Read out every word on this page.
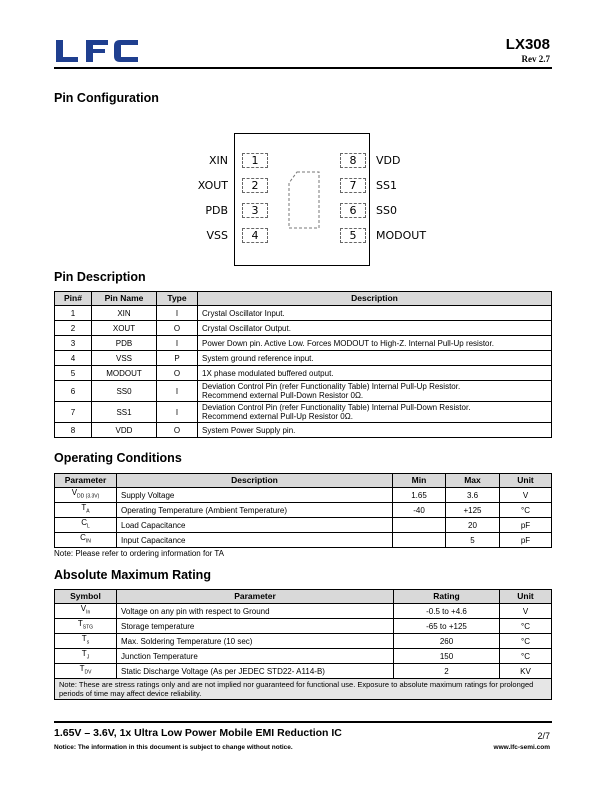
LX308
Rev 2.7
Pin Configuration
1
2
3
4
8
7
6
5
XIN
XOUT
PDB
VSS
VDD
SS1
SS0
MODOUT
Pin Description
Pin#	Pin Name	Type	Description
1	XIN	I	Crystal Oscillator Input.
2	XOUT	O	Crystal Oscillator Output.
3	PDB	I	Power Down pin. Active Low. Forces MODOUT to High-Z. Internal Pull-Up resistor.
4	VSS	P	System ground reference input.
5	MODOUT	O	1X phase modulated buffered output.
6	SS0	I	Deviation Control Pin (refer Functionality Table) Internal Pull-Up Resistor.
Recommend external Pull-Down Resistor 0Ω.

7	SS1	I	Deviation Control Pin (refer Functionality Table) Internal Pull-Down Resistor.
Recommend external Pull-Up Resistor 0Ω.

8	VDD	O	System Power Supply pin.
Operating Conditions
Parameter	Description	Min	Max	Unit
$V_{DD (3.3V)}$	Supply Voltage	1.65	3.6	V
$T_A$	Operating Temperature (Ambient Temperature)	-40	+125	°C
$C_L$	Load Capacitance		20	pF
$C_{IN}$	Input Capacitance		5	pF
Note: Please refer to ordering information for TA
Absolute Maximum Rating
Symbol	Parameter	Rating	Unit
$V_{In}$	Voltage on any pin with respect to Ground	-0.5 to +4.6	V
$T_{STG}$	Storage temperature	-65 to +125	°C
$T_s$	Max. Soldering Temperature (10 sec)	260	°C
$T_J$	Junction Temperature	150	°C
$T_{DV}$	Static Discharge Voltage (As per JEDEC STD22- A114-B)	2	KV
Note: These are stress ratings only and are not implied nor guaranteed for functional use. Exposure to absolute maximum ratings for prolonged periods of time may affect device reliability.			
1.65V – 3.6V, 1x Ultra Low Power Mobile EMI Reduction IC	2/7
Notice: The information in this document is subject to change without notice.	www.lfc-semi.com
